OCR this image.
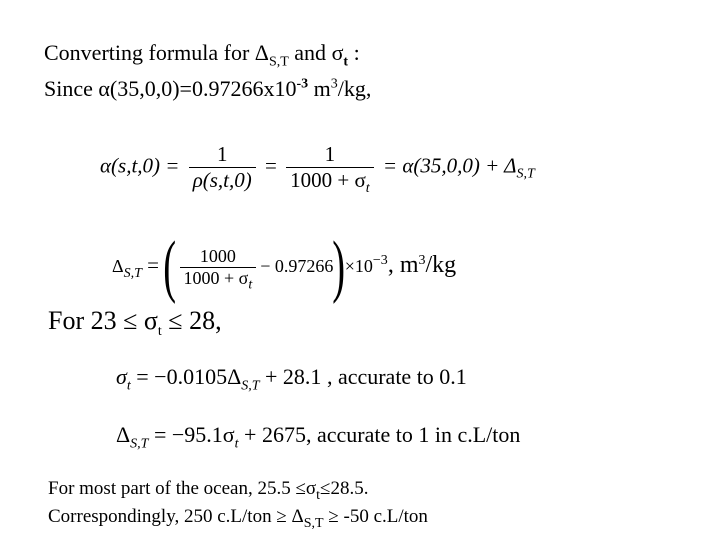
Converting formula for $\Delta_{S,T}$ and $\sigma_t$ :
Since $\alpha(35,0,0)=0.97266x10^{-3}$ $m^3/kg$,
$\alpha(s,t,0) = \frac{1}{\rho(s,t,0)} = \frac{1}{1000 + \sigma_t} = \alpha(35,0,0) + \Delta_{S,T}$
$\Delta_{S,T}$ = ( $\frac{1000}{1000 + \sigma_t} - 0.97266)\times 10^{-3}$, $m^3/kg$
For $23 \le \sigma_t \le 28$,
$\sigma_t = -0.0105\Delta_{S,T} + 28.1$ , accurate to 0.1
$\Delta_{S,T} = -95.1\sigma_t + 2675$, accurate to 1 in c.L/ton
For most part of the ocean, $25.5 \le\sigma_t\le 28.5$.
Correspondingly, 250 $c.L/ton \ge \Delta_{S,T} \ge -50$ c.L/ton
